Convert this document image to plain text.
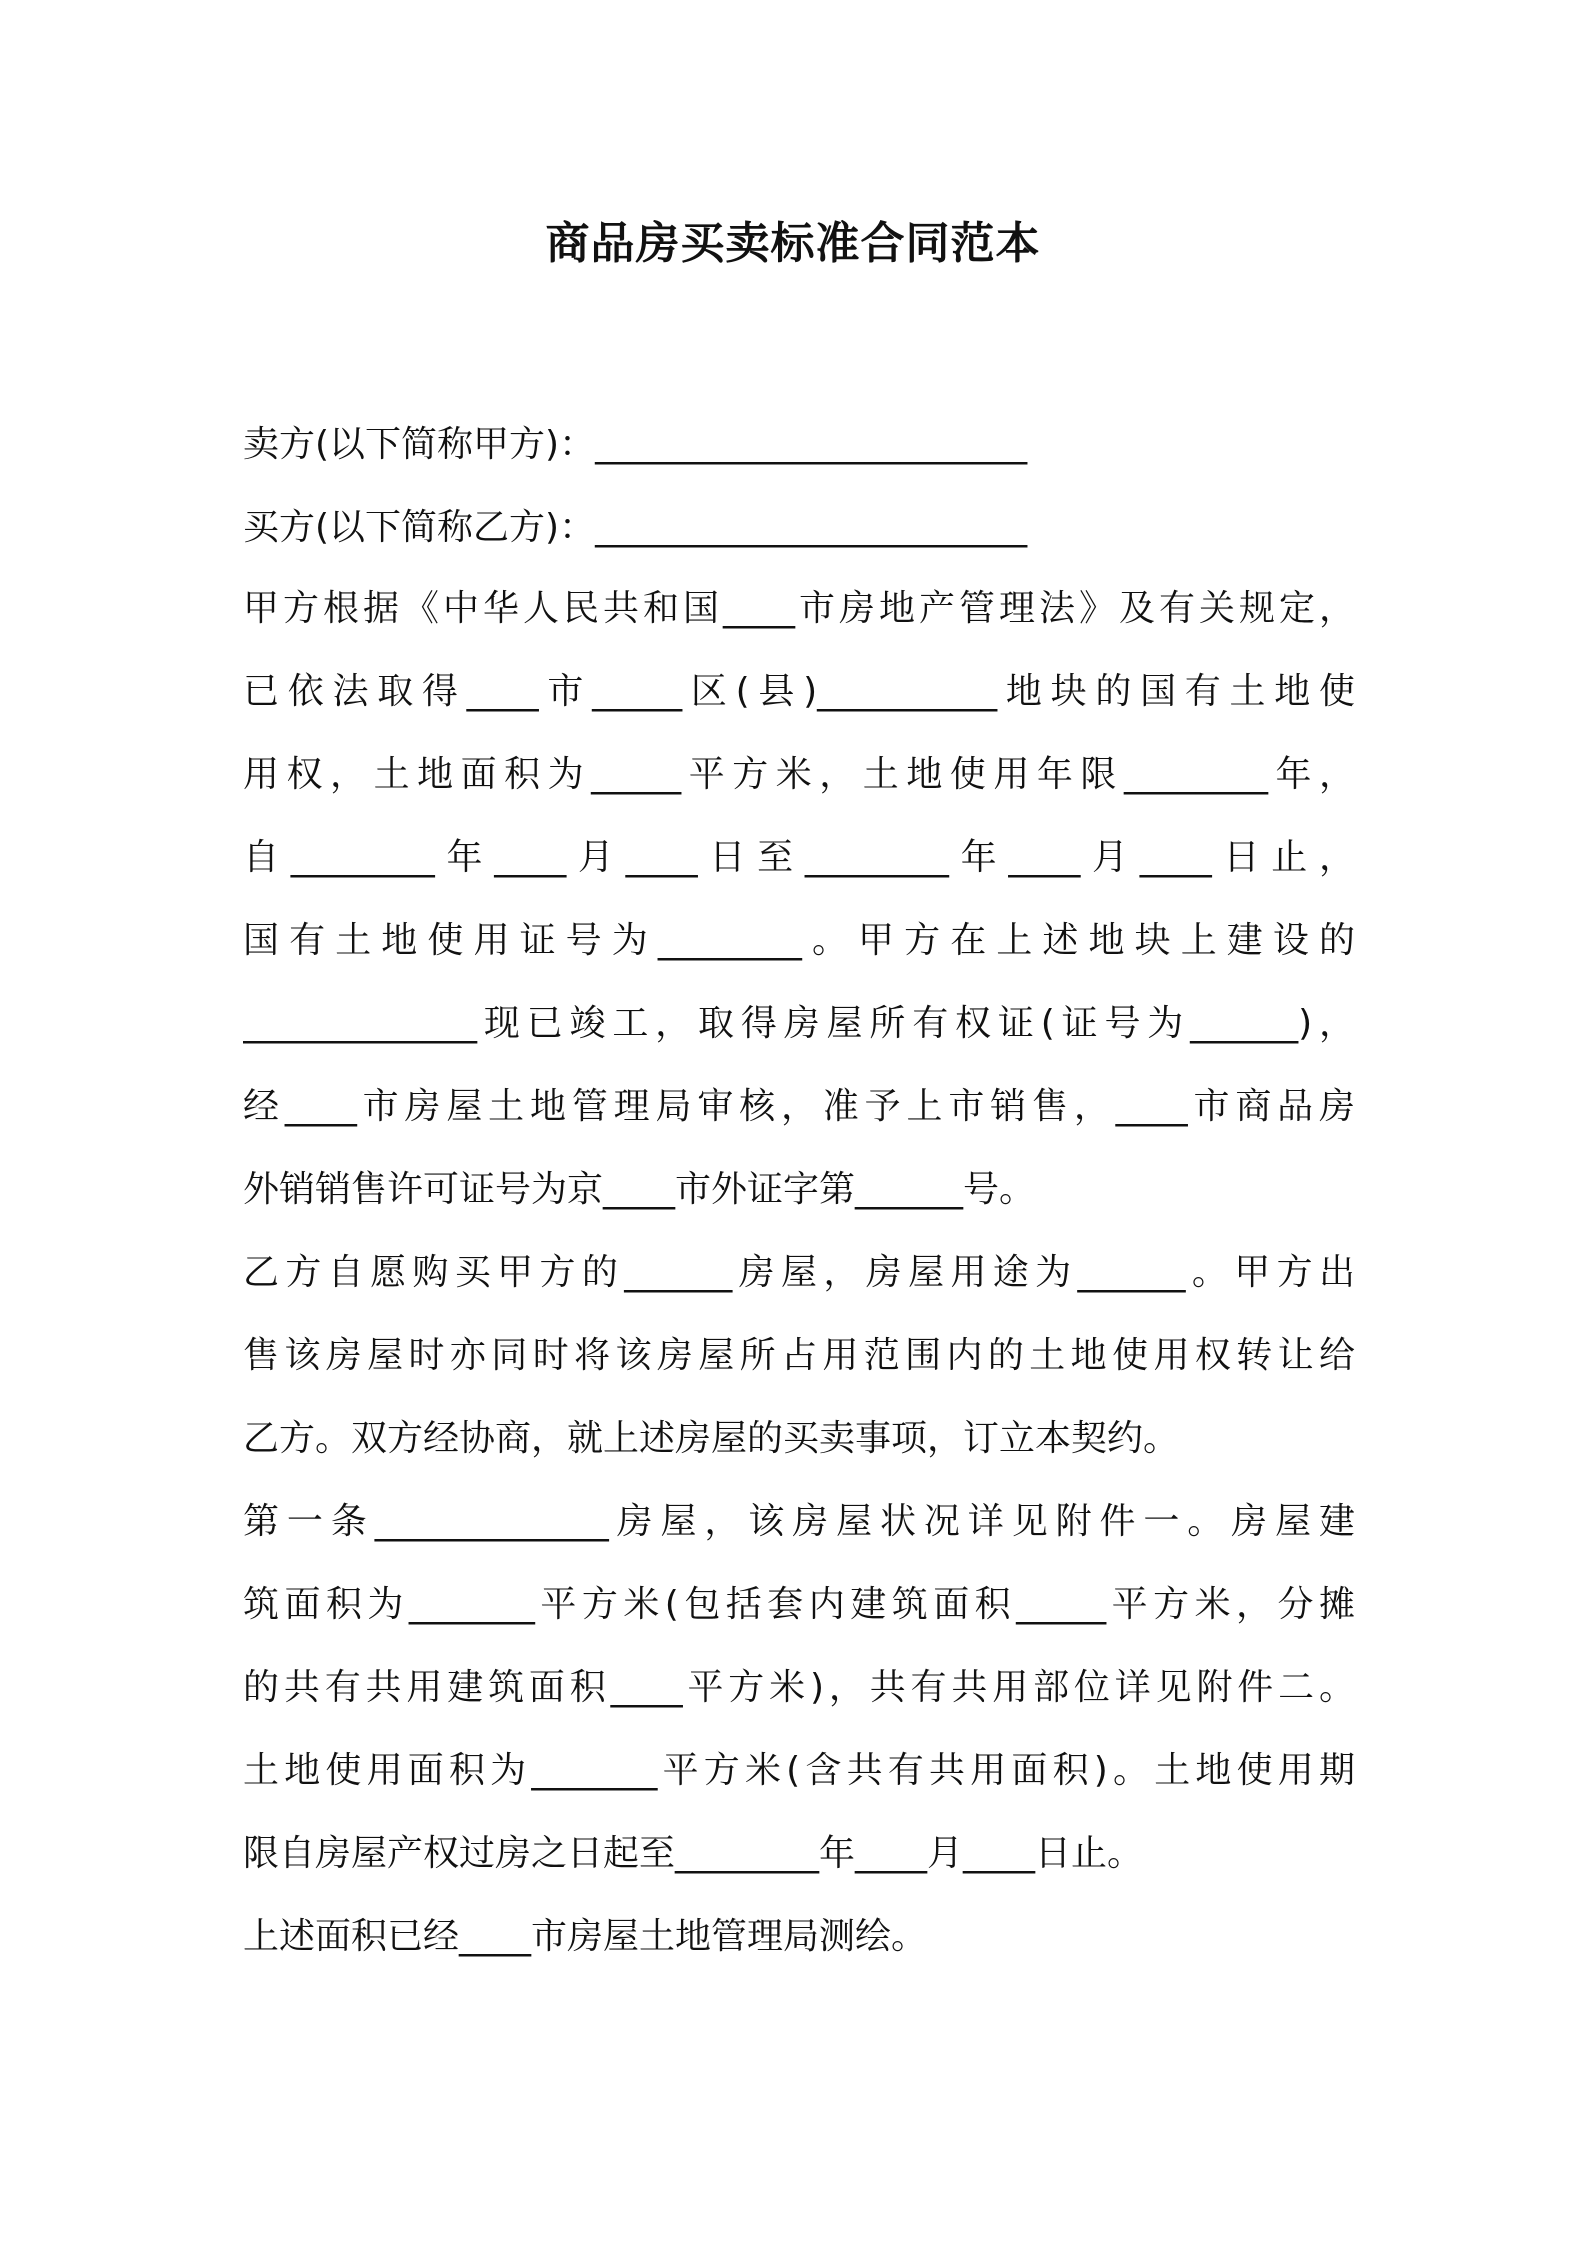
商品房买卖标准合同范本
卖方(以下简称甲方)：________________________
买方(以下简称乙方)：________________________
甲方根据《中华人民共和国____市房地产管理法》及有关规定，
已依法取得____市_____区(县)__________地块的国有土地使
用权，土地面积为_____平方米，土地使用年限________年，
自________年____月____日至________年____月____日止，
国有土地使用证号为________。甲方在上述地块上建设的
_____________现已竣工，取得房屋所有权证(证号为______)，
经____市房屋土地管理局审核，准予上市销售，____市商品房
外销销售许可证号为京____市外证字第______号。
乙方自愿购买甲方的______房屋，房屋用途为______。甲方出
售该房屋时亦同时将该房屋所占用范围内的土地使用权转让给
乙方。双方经协商，就上述房屋的买卖事项，订立本契约。
第一条_____________房屋，该房屋状况详见附件一。房屋建
筑面积为_______平方米(包括套内建筑面积_____平方米，分摊
的共有共用建筑面积____平方米)，共有共用部位详见附件二。
土地使用面积为_______平方米(含共有共用面积)。土地使用期
限自房屋产权过房之日起至________年____月____日止。
上述面积已经____市房屋土地管理局测绘。
